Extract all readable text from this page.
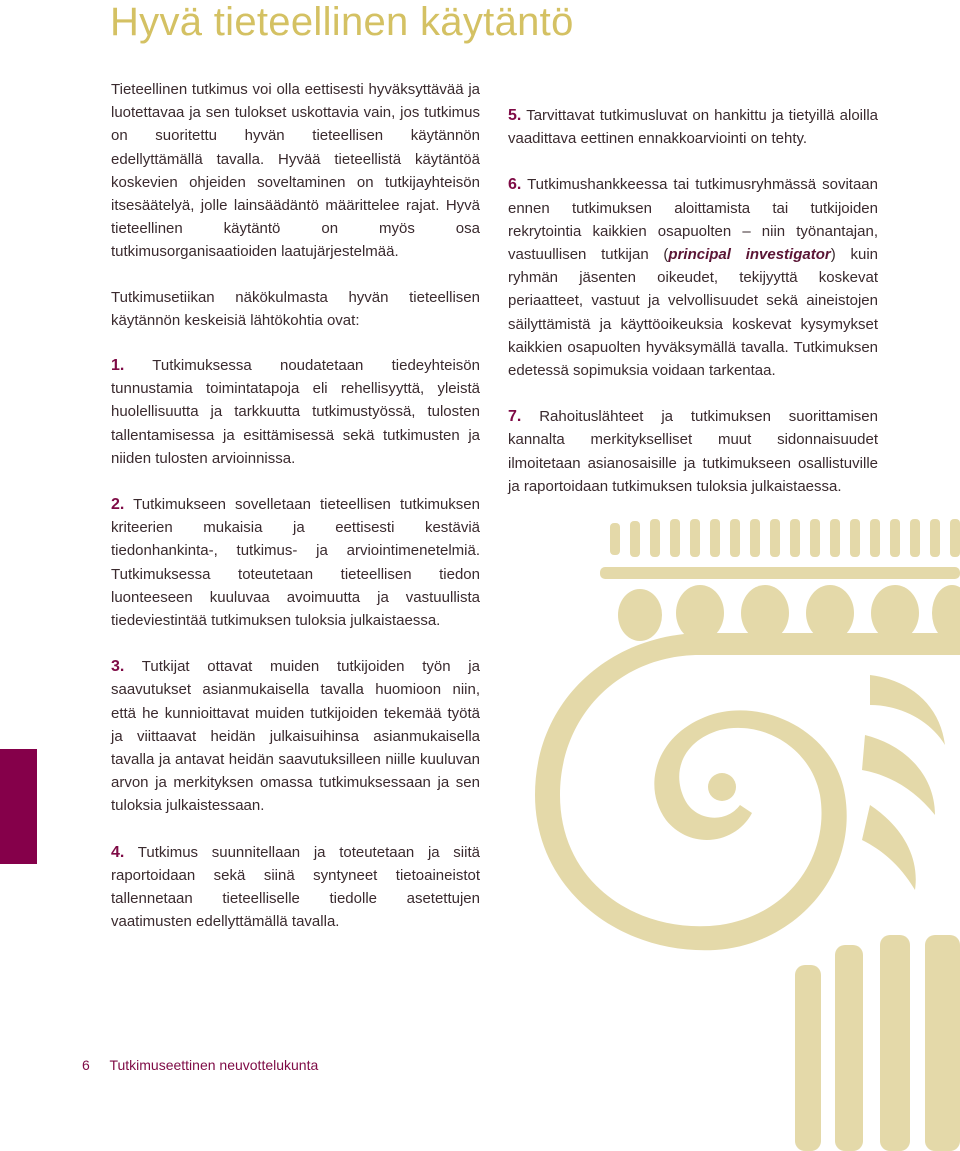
Hyvä tieteellinen käytäntö

Tieteellinen tutkimus voi olla eettisesti hyväksyttävää ja luotettavaa ja sen tulokset uskottavia vain, jos tutkimus on suoritettu hyvän tieteellisen käytännön edellyttämällä tavalla. Hyvää tieteellistä käytäntöä koskevien ohjeiden soveltaminen on tutkijayhteisön itsesäätelyä, jolle lainsäädäntö määrittelee rajat. Hyvä tieteellinen käytäntö on myös osa tutkimusorganisaatioiden laatujärjestelmää.

Tutkimusetiikan näkökulmasta hyvän tieteellisen käytännön keskeisiä lähtökohtia ovat:

1. Tutkimuksessa noudatetaan tiedeyhteisön tunnustamia toimintatapoja eli rehellisyyttä, yleistä huolellisuutta ja tarkkuutta tutkimustyössä, tulosten tallentamisessa ja esittämisessä sekä tutkimusten ja niiden tulosten arvioinnissa.

2. Tutkimukseen sovelletaan tieteellisen tutkimuksen kriteerien mukaisia ja eettisesti kestäviä tiedonhankinta-, tutkimus- ja arviointimenetelmiä. Tutkimuksessa toteutetaan tieteellisen tiedon luonteeseen kuuluvaa avoimuutta ja vastuullista tiedeviestintää tutkimuksen tuloksia julkaistaessa.

3. Tutkijat ottavat muiden tutkijoiden työn ja saavutukset asianmukaisella tavalla huomioon niin, että he kunnioittavat muiden tutkijoiden tekemää työtä ja viittaavat heidän julkaisuihinsa asianmukaisella tavalla ja antavat heidän saavutuksilleen niille kuuluvan arvon ja merkityksen omassa tutkimuksessaan ja sen tuloksia julkaistessaan.

4. Tutkimus suunnitellaan ja toteutetaan ja siitä raportoidaan sekä siinä syntyneet tietoaineistot tallennetaan tieteelliselle tiedolle asetettujen vaatimusten edellyttämällä tavalla.

5. Tarvittavat tutkimusluvat on hankittu ja tietyillä aloilla vaadittava eettinen ennakkoarviointi on tehty.

6. Tutkimushankkeessa tai tutkimusryhmässä sovitaan ennen tutkimuksen aloittamista tai tutkijoiden rekrytointia kaikkien osapuolten – niin työnantajan, vastuullisen tutkijan (principal investigator) kuin ryhmän jäsenten oikeudet, tekijyyttä koskevat periaatteet, vastuut ja velvollisuudet sekä aineistojen säilyttämistä ja käyttöoikeuksia koskevat kysymykset kaikkien osapuolten hyväksymällä tavalla. Tutkimuksen edetessä sopimuksia voidaan tarkentaa.

7. Rahoituslähteet ja tutkimuksen suorittamisen kannalta merkitykselliset muut sidonnaisuudet ilmoitetaan asianosaisille ja tutkimukseen osallistuville ja raportoidaan tutkimuksen tuloksia julkaistaessa.

6 Tutkimuseettinen neuvottelukunta
